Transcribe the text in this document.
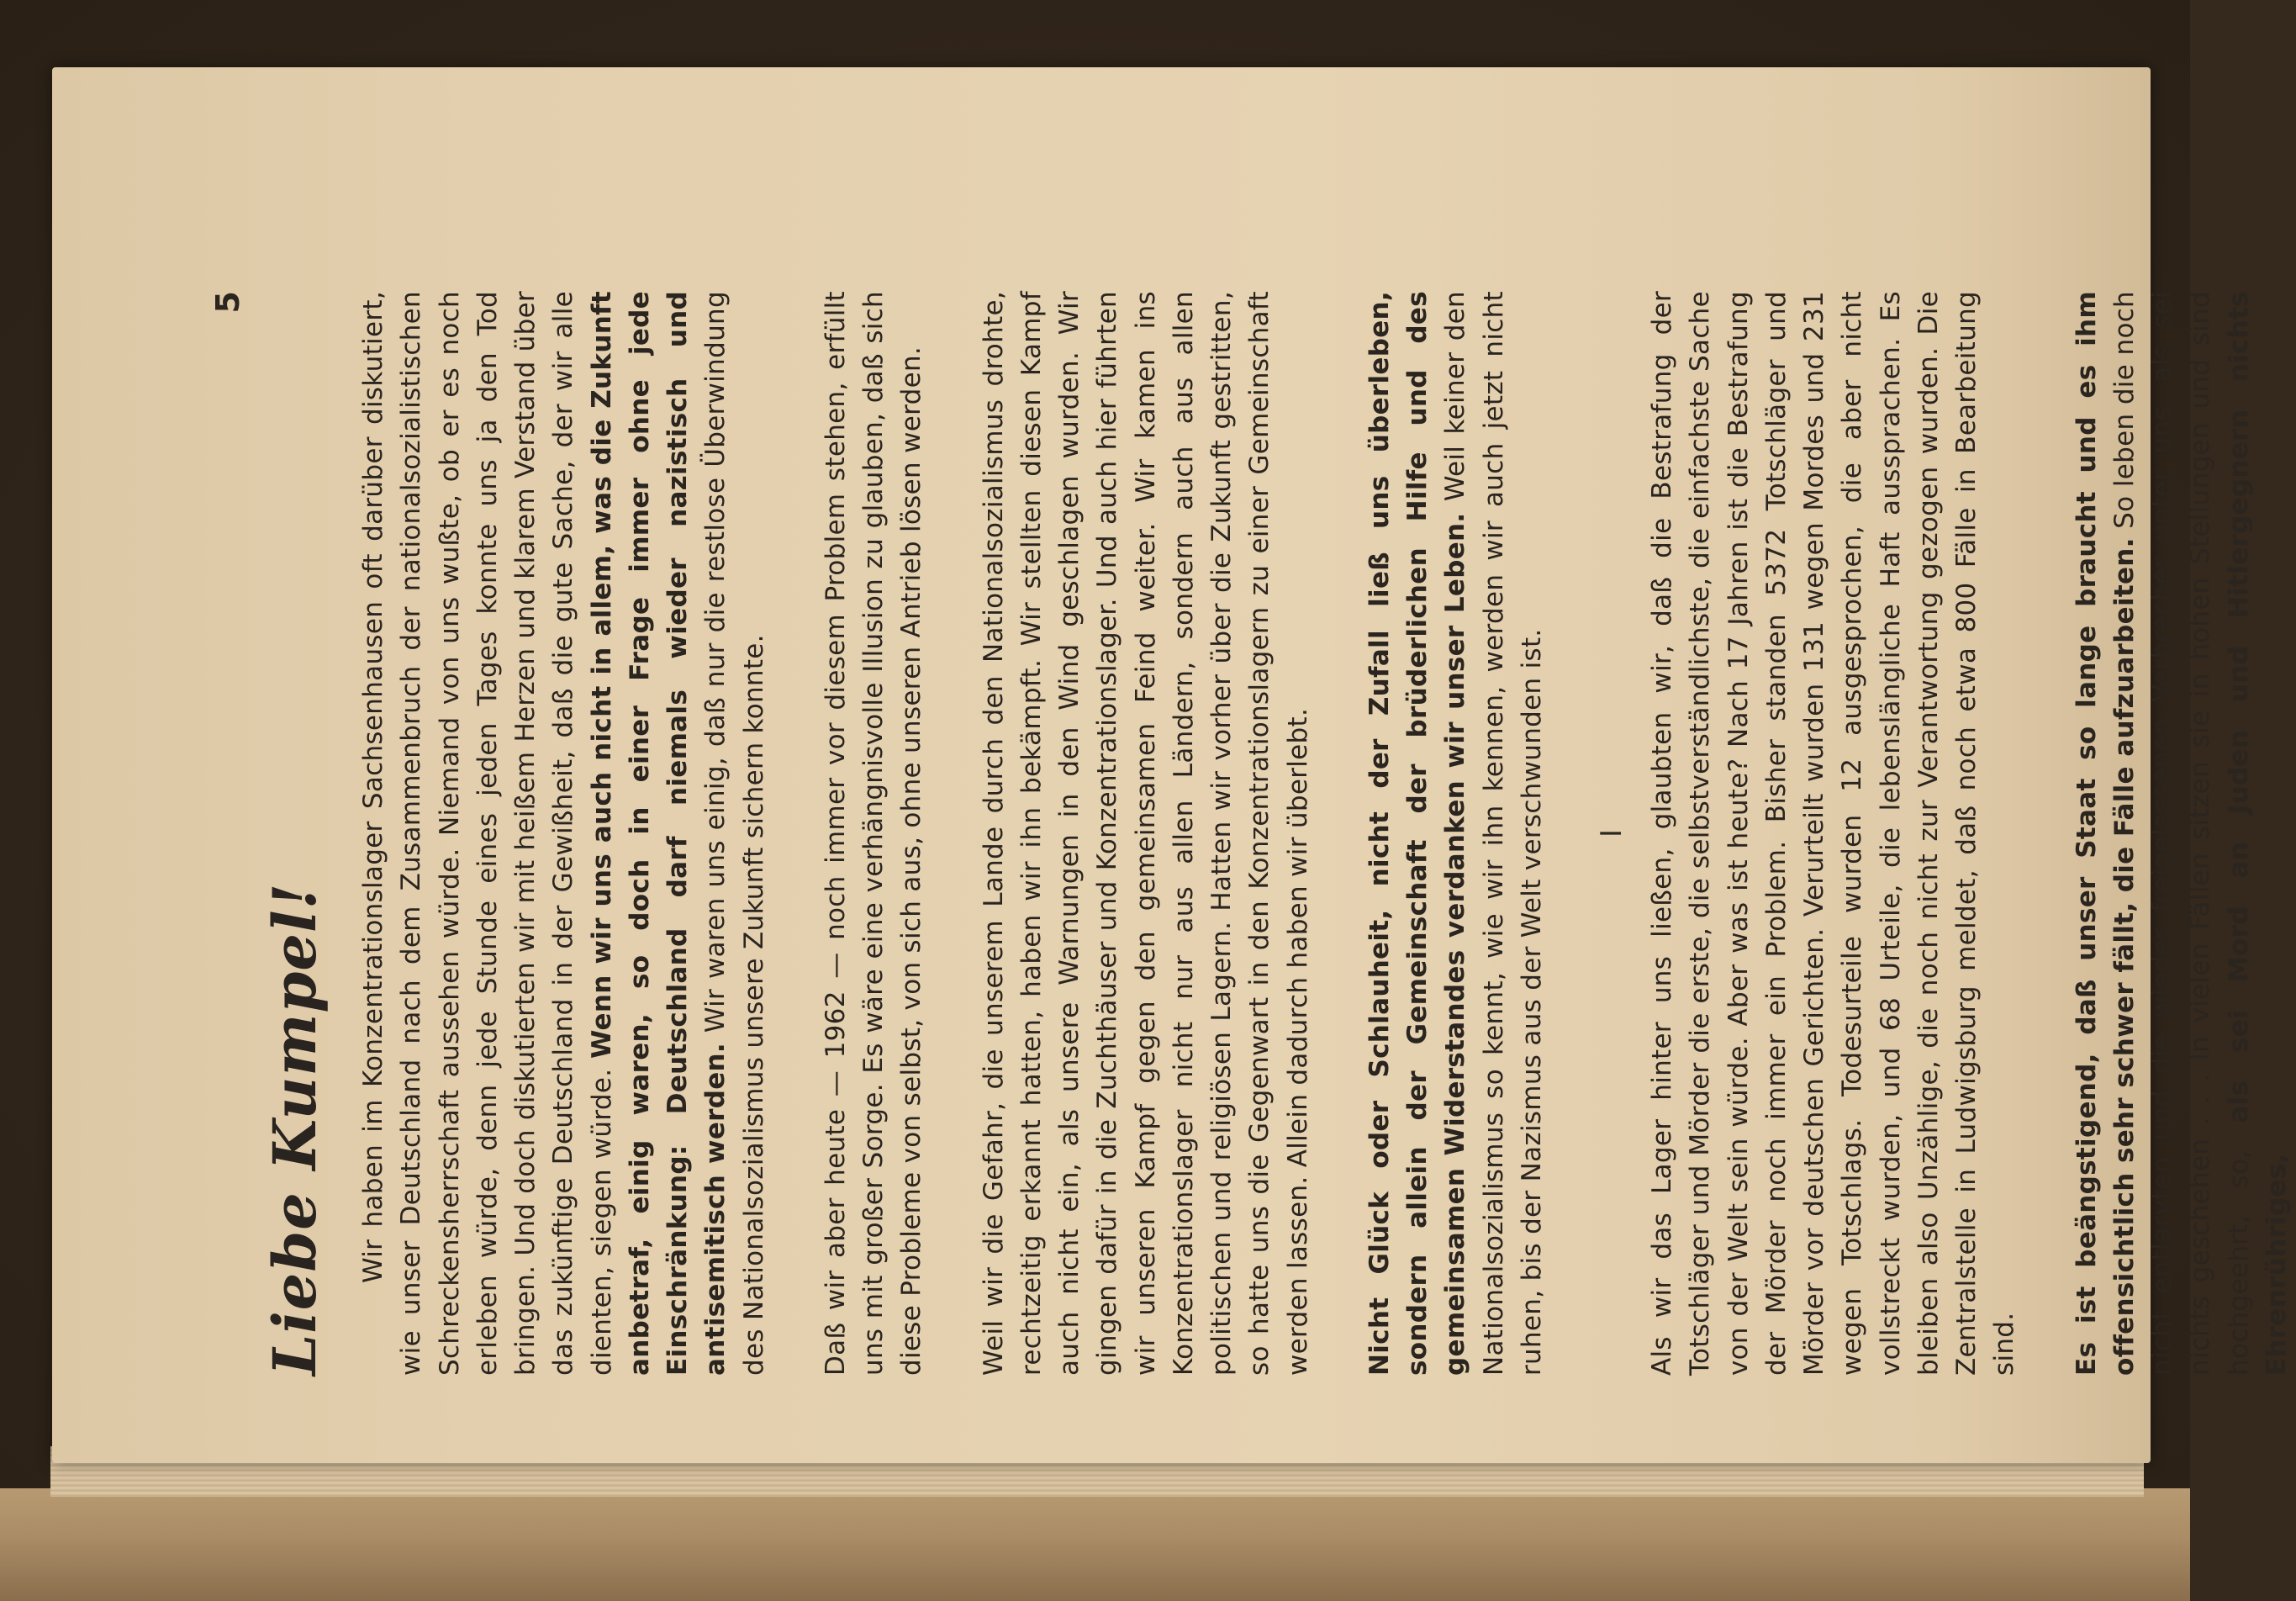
5
Liebe Kumpel! Wir haben im Konzentrationslager Sachsenhausen oft darüber diskutiert, wie unser Deutschland nach dem Zusammenbruch der nationalsozialistischen Schreckensherrschaft aussehen würde. Niemand von uns wußte, ob er es noch erleben würde, denn jede Stunde eines jeden Tages konnte uns ja den Tod bringen. Und doch diskutierten wir mit heißem Herzen und klarem Verstand über das zukünftige Deutschland in der Gewißheit, daß die gute Sache, der wir alle dienten, siegen würde. Wenn wir uns auch nicht in allem, was die Zukunft anbetraf, einig waren, so doch in einer Frage immer ohne jede Einschränkung: Deutschland darf niemals wieder nazistisch und antisemitisch werden. Wir waren uns einig, daß nur die restlose Überwindung des Nationalsozialismus unsere Zukunft sichern konnte. Daß wir aber heute — 1962 — noch immer vor diesem Problem stehen, erfüllt uns mit großer Sorge. Es wäre eine verhängnisvolle Illusion zu glauben, daß sich diese Probleme von selbst, von sich aus, ohne unseren Antrieb lösen werden. Weil wir die Gefahr, die unserem Lande durch den Nationalsozialismus drohte, rechtzeitig erkannt hatten, haben wir ihn bekämpft. Wir stellten diesen Kampf auch nicht ein, als unsere Warnungen in den Wind geschlagen wurden. Wir gingen dafür in die Zuchthäuser und Konzentrationslager. Und auch hier führten wir unseren Kampf gegen den gemeinsamen Feind weiter. Wir kamen ins Konzentrationslager nicht nur aus allen Ländern, sondern auch aus allen politischen und religiösen Lagern. Hatten wir vorher über die Zukunft gestritten, so hatte uns die Gegenwart in den Konzentrationslagern zu einer Gemeinschaft werden lassen. Allein dadurch haben wir überlebt. Nicht Glück oder Schlauheit, nicht der Zufall ließ uns überleben, sondern allein der Gemeinschaft der brüderlichen Hilfe und des gemeinsamen Widerstandes verdanken wir unser Leben. Weil keiner den Nationalsozialismus so kennt, wie wir ihn kennen, werden wir auch jetzt nicht ruhen, bis der Nazismus aus der Welt verschwunden ist. I Als wir das Lager hinter uns ließen, glaubten wir, daß die Bestrafung der Totschläger und Mörder die erste, die selbstverständlichste, die einfachste Sache von der Welt sein würde. Aber was ist heute? Nach 17 Jahren ist die Bestrafung der Mörder noch immer ein Problem. Bisher standen 5372 Totschläger und Mörder vor deutschen Gerichten. Verurteilt wurden 131 wegen Mordes und 231 wegen Totschlags. Todesurteile wurden 12 ausgesprochen, die aber nicht vollstreckt wurden, und 68 Urteile, die lebenslängliche Haft aussprachen. Es bleiben also Unzählige, die noch nicht zur Verantwortung gezogen wurden. Die Zentralstelle in Ludwigsburg meldet, daß noch etwa 800 Fälle in Bearbeitung sind. Es ist beängstigend, daß unser Staat so lange braucht und es ihm offensichtlich sehr schwer fällt, die Fälle aufzuarbeiten. So leben die noch nicht entlarvten und die wieder freigelassenen Verbrecher unter uns, als sei nichts geschehen . . . In vielen Fällen sitzen sie in hohen Stellungen und sind hochgeehrt, so, als sei Mord an Juden und Hitlergegnern nichts Ehrenrühriges,
